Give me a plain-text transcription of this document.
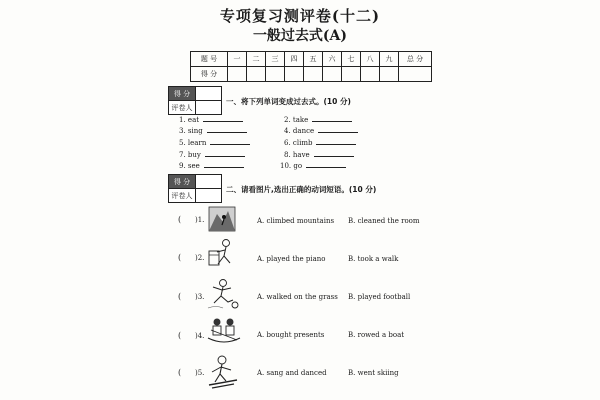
专项复习测评卷(十二)
一般过去式(A)
题 号	一	二	三	四	五	六	七	八	九	总 分
得 分										
得 分
评卷人
一、将下列单词变成过去式。(10 分)
1. eat	2. take
3. sing	4. dance
5. learn	6. climb
7. buy	8. have
9. see	10. go
得 分
评卷人
二、请看图片,选出正确的动词短语。(10 分)
( )1.	A. climbed mountains B. cleaned the room
( )2.	A. played the piano	B. took a walk
( )3.	A. walked on the grass B. played football
( )4.	A. bought presents	B. rowed a boat
( )5.	A. sang and danced	B. went skiing
